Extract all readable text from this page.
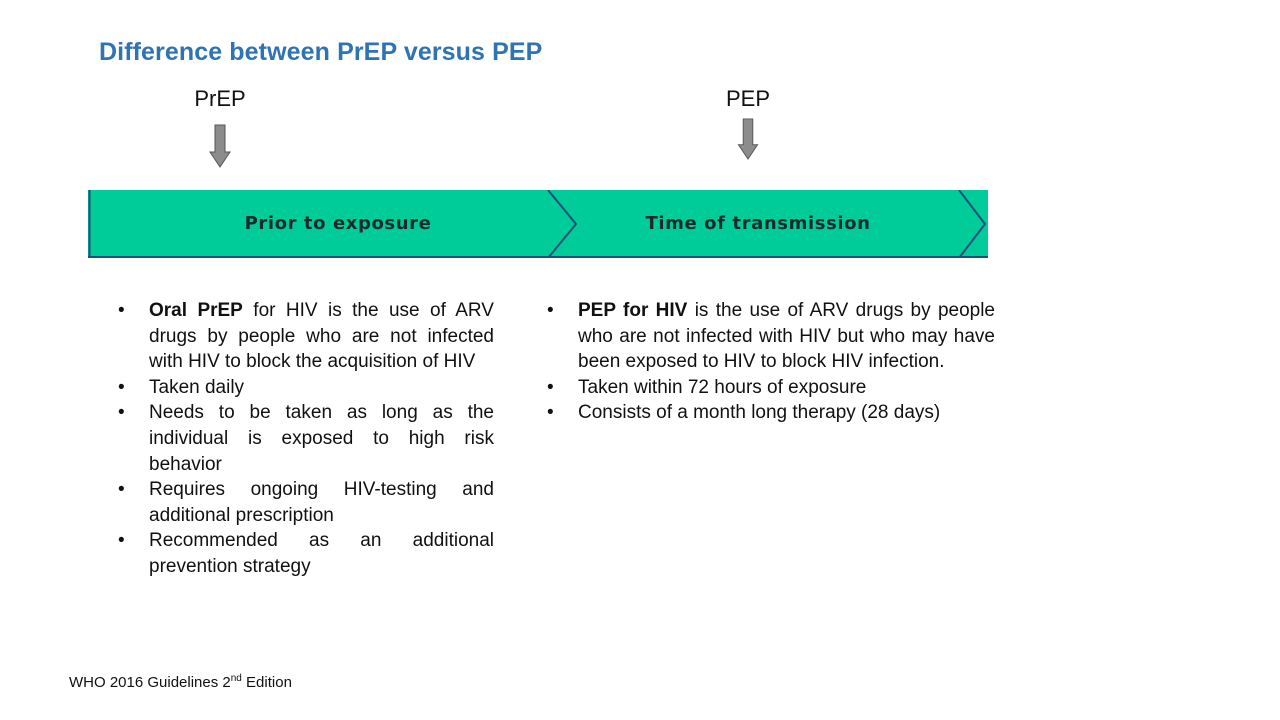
Difference between PrEP versus PEP
PrEP	PEP
Prior to exposure	Time of transmission
• Oral PrEP for HIV is the use of ARV drugs by people who are not infected with HIV to block the acquisition of HIV
• Taken daily
• Needs to be taken as long as the individual is exposed to high risk behavior
• Requires ongoing HIV-testing and additional prescription
• Recommended as an additional prevention strategy
• PEP for HIV is the use of ARV drugs by people who are not infected with HIV but who may have been exposed to HIV to block HIV infection.
• Taken within 72 hours of exposure
• Consists of a month long therapy (28 days)
WHO 2016 Guidelines 2nd Edition
